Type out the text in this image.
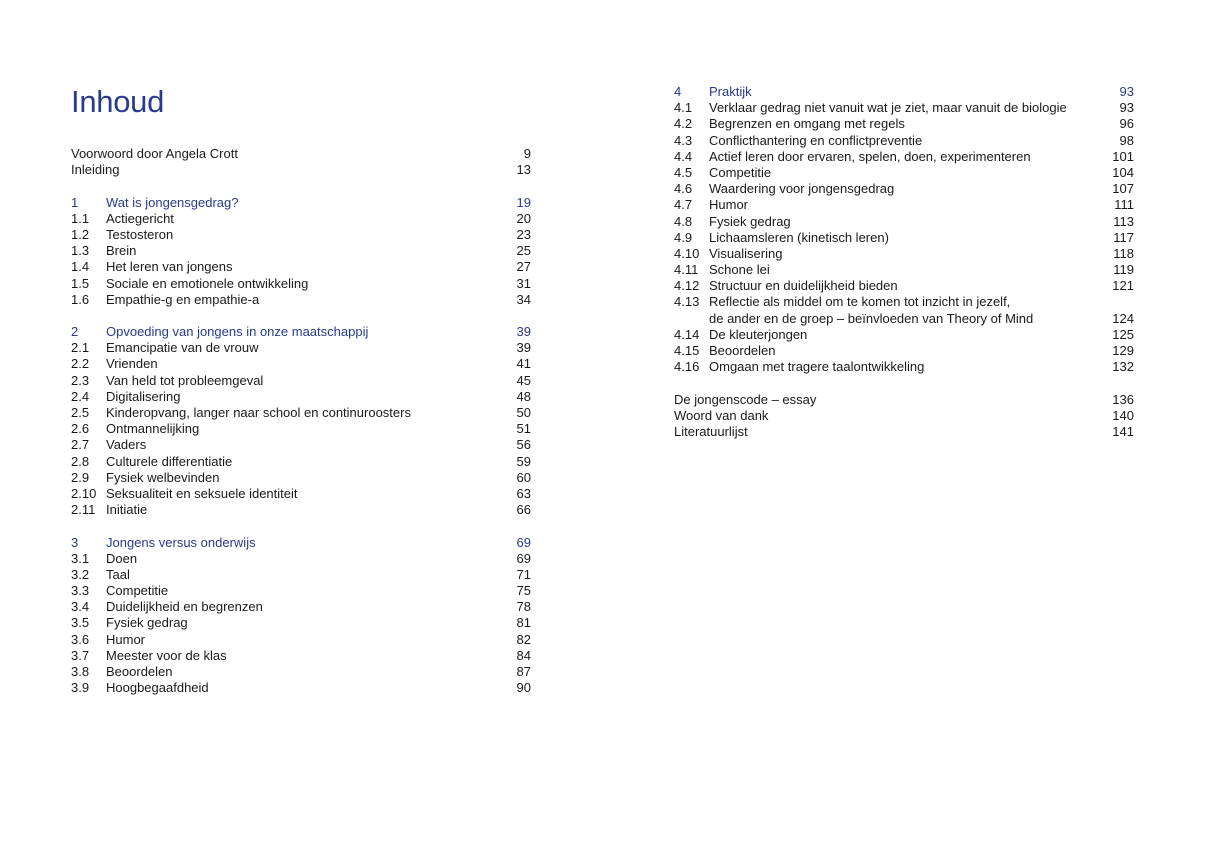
Inhoud
Voorwoord door Angela Crott	9
Inleiding	13
1 Wat is jongensgedrag?	19
1.1 Actiegericht	20
1.2 Testosteron	23
1.3 Brein	25
1.4 Het leren van jongens	27
1.5 Sociale en emotionele ontwikkeling	31
1.6 Empathie-g en empathie-a	34
2 Opvoeding van jongens in onze maatschappij	39
2.1 Emancipatie van de vrouw	39
2.2 Vrienden	41
2.3 Van held tot probleemgeval	45
2.4 Digitalisering	48
2.5 Kinderopvang, langer naar school en continuroosters	50
2.6 Ontmannelijking	51
2.7 Vaders	56
2.8 Culturele differentiatie	59
2.9 Fysiek welbevinden	60
2.10 Seksualiteit en seksuele identiteit	63
2.11 Initiatie	66
3 Jongens versus onderwijs	69
3.1 Doen	69
3.2 Taal	71
3.3 Competitie	75
3.4 Duidelijkheid en begrenzen	78
3.5 Fysiek gedrag	81
3.6 Humor	82
3.7 Meester voor de klas	84
3.8 Beoordelen	87
3.9 Hoogbegaafdheid	90
4 Praktijk	93
4.1 Verklaar gedrag niet vanuit wat je ziet, maar vanuit de biologie	93
4.2 Begrenzen en omgang met regels	96
4.3 Conflicthantering en conflictpreventie	98
4.4 Actief leren door ervaren, spelen, doen, experimenteren	101
4.5 Competitie	104
4.6 Waardering voor jongensgedrag	107
4.7 Humor	111
4.8 Fysiek gedrag	113
4.9 Lichaamsleren (kinetisch leren)	117
4.10 Visualisering	118
4.11 Schone lei	119
4.12 Structuur en duidelijkheid bieden	121
4.13 Reflectie als middel om te komen tot inzicht in jezelf,
de ander en de groep – beïnvloeden van Theory of Mind	124
4.14 De kleuterjongen	125
4.15 Beoordelen	129
4.16 Omgaan met tragere taalontwikkeling	132
De jongenscode – essay	136
Woord van dank	140
Literatuurlijst	141
